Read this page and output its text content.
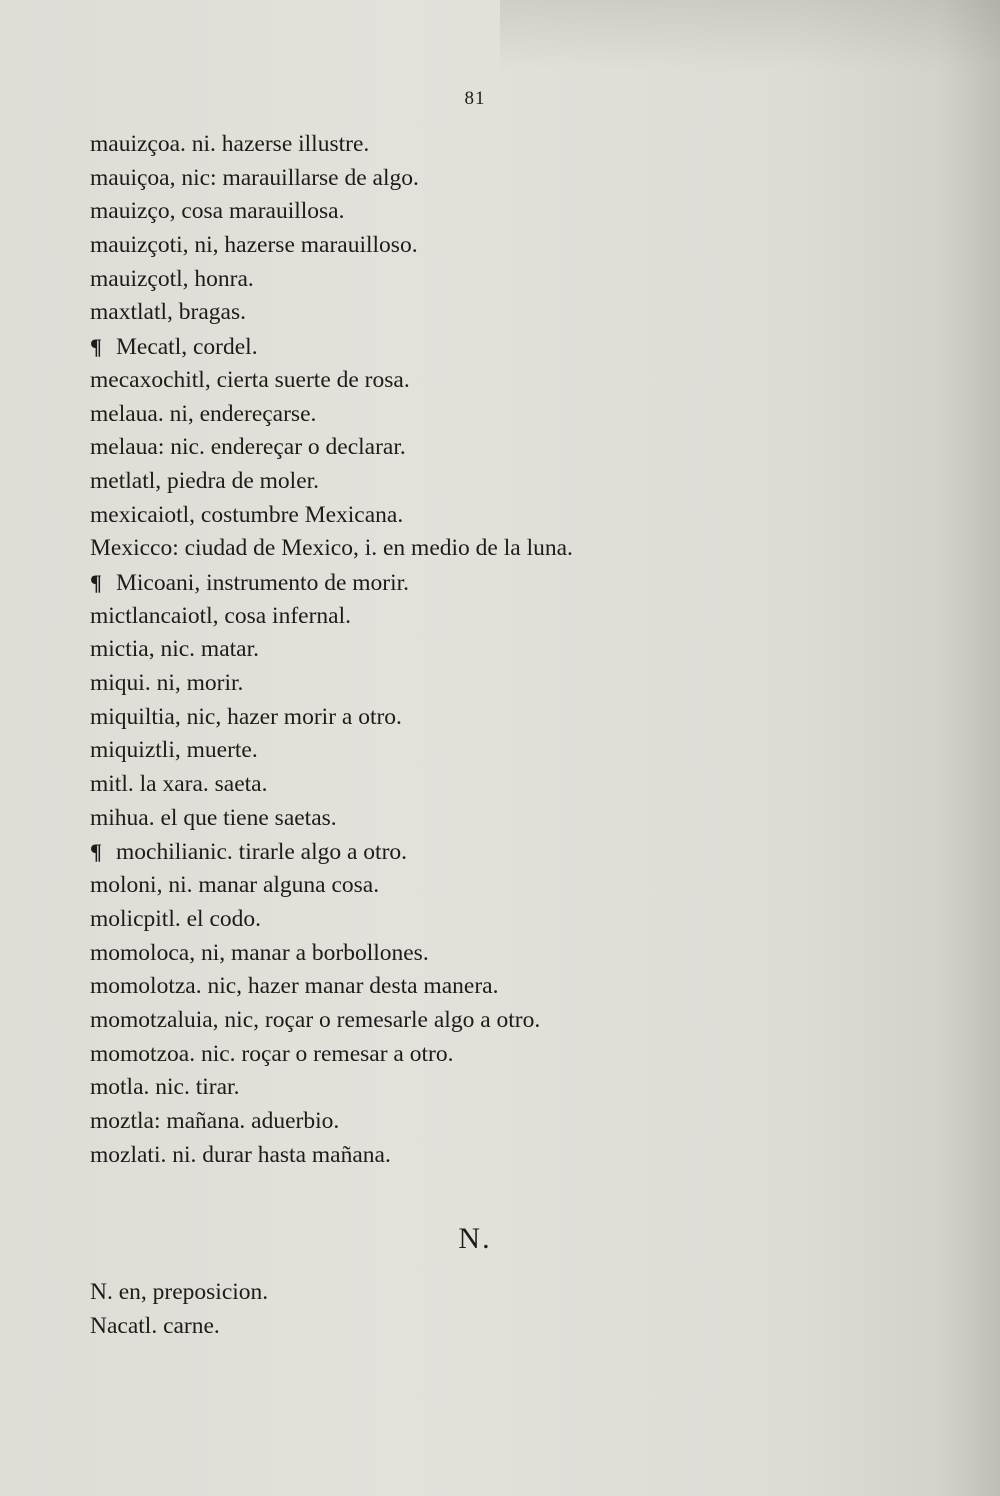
81
mauizçoa. ni. hazerse illustre.
mauiçoa, nic: marauillarse de algo.
mauizço, cosa marauillosa.
mauizçoti, ni, hazerse marauilloso.
mauizçotl, honra.
maxtlatl, bragas.
¶ Mecatl, cordel.
mecaxochitl, cierta suerte de rosa.
melaua. ni, endereçarse.
melaua: nic. endereçar o declarar.
metlatl, piedra de moler.
mexicaiotl, costumbre Mexicana.
Mexicco: ciudad de Mexico, i. en medio de la luna.
¶ Micoani, instrumento de morir.
mictlancaiotl, cosa infernal.
mictia, nic. matar.
miqui. ni, morir.
miquiltia, nic, hazer morir a otro.
miquiztli, muerte.
mitl. la xara. saeta.
mihua. el que tiene saetas.
¶ mochilianic. tirarle algo a otro.
moloni, ni. manar alguna cosa.
molicpitl. el codo.
momoloca, ni, manar a borbollones.
momolotza. nic, hazer manar desta manera.
momotzaluia, nic, roçar o remesarle algo a otro.
momotzoa. nic. roçar o remesar a otro.
motla. nic. tirar.
moztla: mañana. aduerbio.
mozlati. ni. durar hasta mañana.
N.
N. en, preposicion.
Nacatl. carne.
